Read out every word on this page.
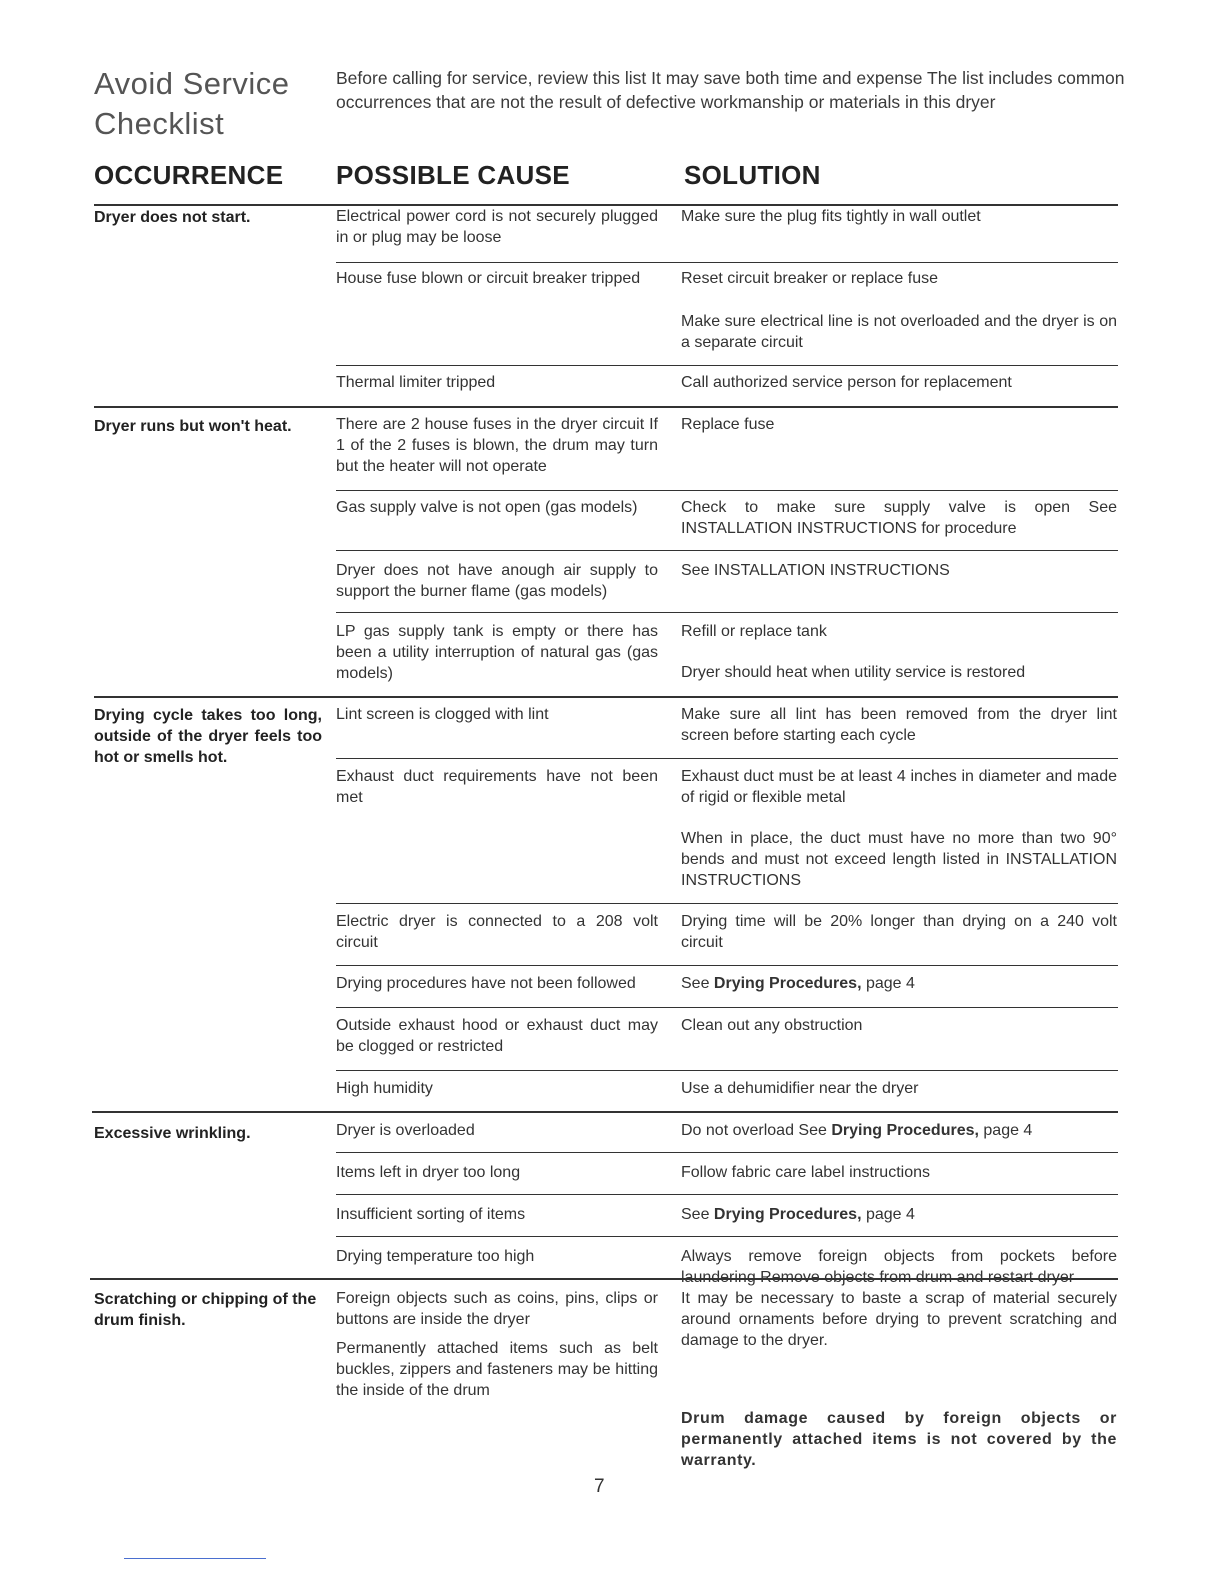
Avoid Service
Checklist
Before calling for service, review this list It may save both time and expense The list includes common occurrences that are not the result of defective workmanship or materials in this dryer
OCCURRENCE POSSIBLE CAUSE	SOLUTION
Dryer does not start.
Dryer runs but won't heat.
Drying cycle takes too long, outside of the dryer feels too hot or smells hot.
Excessive wrinkling.
Scratching or chipping of the drum finish.
Electrical power cord is not securely plugged in or plug may be loose
House fuse blown or circuit breaker tripped
Thermal limiter tripped
There are 2 house fuses in the dryer circuit If 1 of the 2 fuses is blown, the drum may turn but the heater will not operate
Gas supply valve is not open (gas models)
Dryer does not have anough air supply to support the burner flame (gas models)
LP gas supply tank is empty or there has been a utility interruption of natural gas (gas models)
Lint screen is clogged with lint
Exhaust duct requirements have not been met
Electric dryer is connected to a 208 volt circuit
Drying procedures have not been followed
Outside exhaust hood or exhaust duct may be clogged or restricted
High humidity
Dryer is overloaded
Items left in dryer too long
Insufficient sorting of items
Drying temperature too high
Foreign objects such as coins, pins, clips or buttons are inside the dryer
Permanently attached items such as belt buckles, zippers and fasteners may be hitting the inside of the drum
Make sure the plug fits tightly in wall outlet
Reset circuit breaker or replace fuse
Make sure electrical line is not overloaded and the dryer is on a separate circuit
Call authorized service person for replacement
Replace fuse
Check to make sure supply valve is open See INSTALLATION INSTRUCTIONS for procedure
See INSTALLATION INSTRUCTIONS
Refill or replace tank
Dryer should heat when utility service is restored
Make sure all lint has been removed from the dryer lint screen before starting each cycle
Exhaust duct must be at least 4 inches in diameter and made of rigid or flexible metal
When in place, the duct must have no more than two 90° bends and must not exceed length listed in INSTALLATION INSTRUCTIONS
Drying time will be 20% longer than drying on a 240 volt circuit
See Drying Procedures, page 4
Clean out any obstruction
Use a dehumidifier near the dryer
Do not overload See Drying Procedures, page 4
Follow fabric care label instructions
See Drying Procedures, page 4
Always remove foreign objects from pockets before laundering Remove objects from drum and restart dryer
It may be necessary to baste a scrap of material securely around ornaments before drying to prevent scratching and damage to the dryer.
Drum damage caused by foreign objects or permanently attached items is not covered by the warranty.
7
